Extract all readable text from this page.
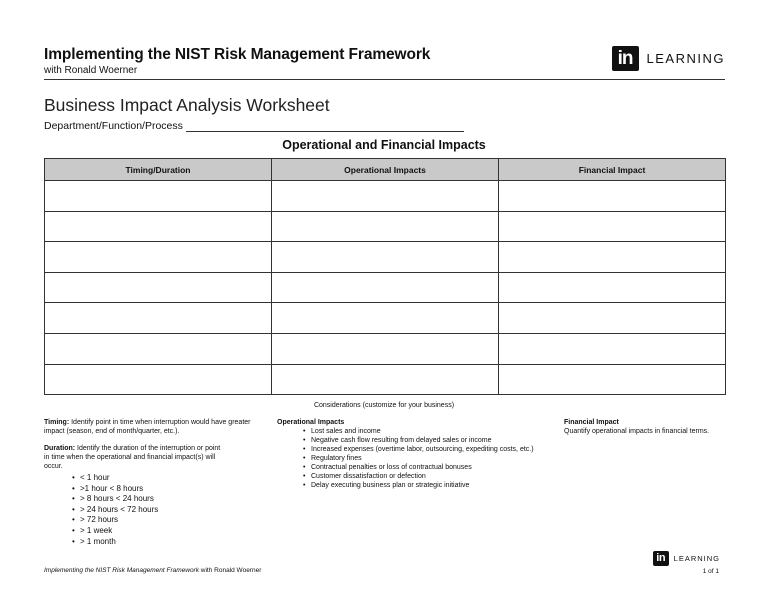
Implementing the NIST Risk Management Framework
with Ronald Woerner
in	LEARNING
Business Impact Analysis Worksheet
Department/Function/Process
Operational and Financial Impacts
Timing/Duration	Operational Impacts	Financial Impact

Considerations (customize for your business)

Timing: Identify point in time when interruption would have greater impact (season, end of month/quarter, etc.).

Duration: Identify the duration of the interruption or point in time when the operational and financial impact(s) will occur.

• < 1 hour
• >1 hour < 8 hours
• > 8 hours < 24 hours
• > 24 hours < 72 hours
• > 72 hours
• > 1 week
• > 1 month
Operational Impacts
• Lost sales and income
• Negative cash flow resulting from delayed sales or income
• Increased expenses (overtime labor, outsourcing, expediting costs, etc.)
• Regulatory fines
• Contractual penalties or loss of contractual bonuses
• Customer dissatisfaction or defection
• Delay executing business plan or strategic initiative
Financial Impact
Quantify operational impacts in financial terms.
Implementing the NIST Risk Management Framework with Ronald Woerner
in	LEARNING
1 of 1
